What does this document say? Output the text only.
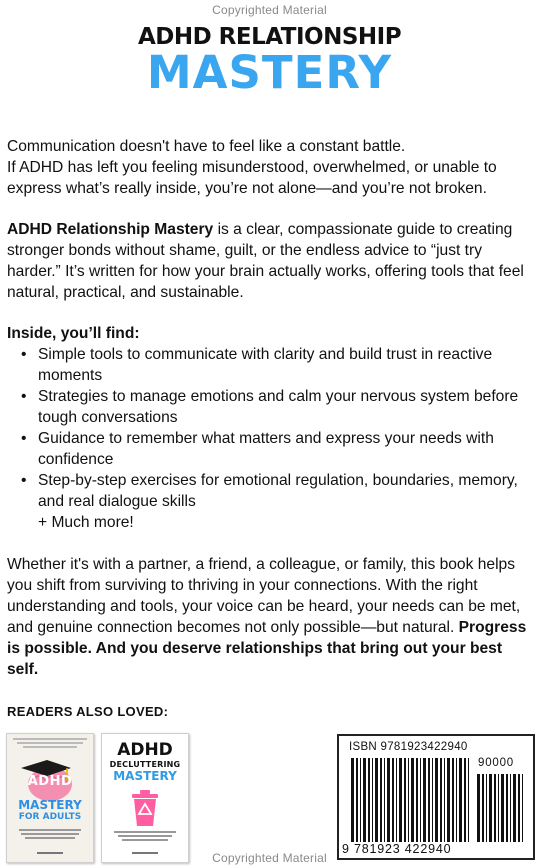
Copyrighted Material
ADHD RELATIONSHIP
MASTERY

Communication doesn't have to feel like a constant battle.

If ADHD has left you feeling misunderstood, overwhelmed, or unable to express what’s really inside, you’re not alone—and you’re not broken.

ADHD Relationship Mastery is a clear, compassionate guide to creating stronger bonds without shame, guilt, or the endless advice to “just try harder.” It’s written for how your brain actually works, offering tools that feel natural, practical, and sustainable.

Inside, you’ll find:
• Simple tools to communicate with clarity and build trust in reactive moments
• Strategies to manage emotions and calm your nervous system before tough conversations
• Guidance to remember what matters and express your needs with confidence
• Step-by-step exercises for emotional regulation, boundaries, memory, and real dialogue skills
+ Much more!

Whether it's with a partner, a friend, a colleague, or family, this book helps you shift from surviving to thriving in your connections. With the right understanding and tools, your voice can be heard, your needs can be met, and genuine connection becomes not only possible—but natural. Progress is possible. And you deserve relationships that bring out your best self.

READERS ALSO LOVED:
ADHD
MASTERY
FOR ADULTS
ADHD
DECLUTTERING
MASTERY
ISBN 9781923422940
90000
9 781923 422940
Copyrighted Material
